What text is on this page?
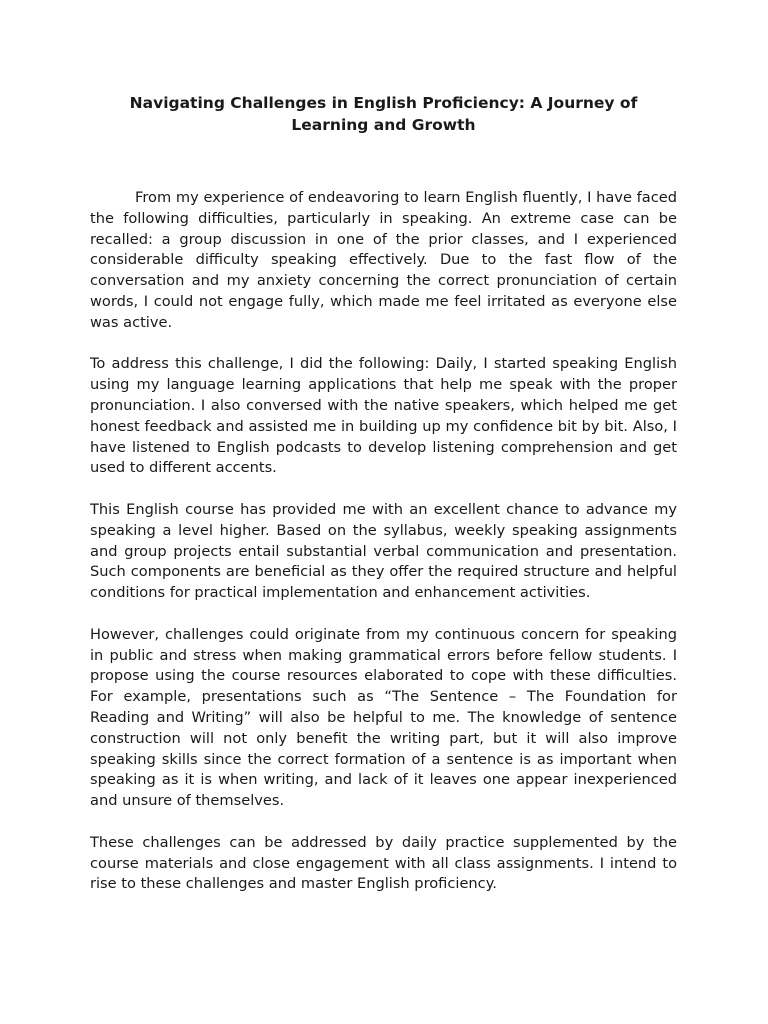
Navigating Challenges in English Proficiency: A Journey of Learning and Growth

From my experience of endeavoring to learn English fluently, I have faced the following difficulties, particularly in speaking. An extreme case can be recalled: a group discussion in one of the prior classes, and I experienced considerable difficulty speaking effectively. Due to the fast flow of the conversation and my anxiety concerning the correct pronunciation of certain words, I could not engage fully, which made me feel irritated as everyone else was active.

To address this challenge, I did the following: Daily, I started speaking English using my language learning applications that help me speak with the proper pronunciation. I also conversed with the native speakers, which helped me get honest feedback and assisted me in building up my confidence bit by bit. Also, I have listened to English podcasts to develop listening comprehension and get used to different accents.

This English course has provided me with an excellent chance to advance my speaking a level higher. Based on the syllabus, weekly speaking assignments and group projects entail substantial verbal communication and presentation. Such components are beneficial as they offer the required structure and helpful conditions for practical implementation and enhancement activities.

However, challenges could originate from my continuous concern for speaking in public and stress when making grammatical errors before fellow students. I propose using the course resources elaborated to cope with these difficulties. For example, presentations such as “The Sentence – The Foundation for Reading and Writing” will also be helpful to me. The knowledge of sentence construction will not only benefit the writing part, but it will also improve speaking skills since the correct formation of a sentence is as important when speaking as it is when writing, and lack of it leaves one appear inexperienced and unsure of themselves.

These challenges can be addressed by daily practice supplemented by the course materials and close engagement with all class assignments. I intend to rise to these challenges and master English proficiency.
